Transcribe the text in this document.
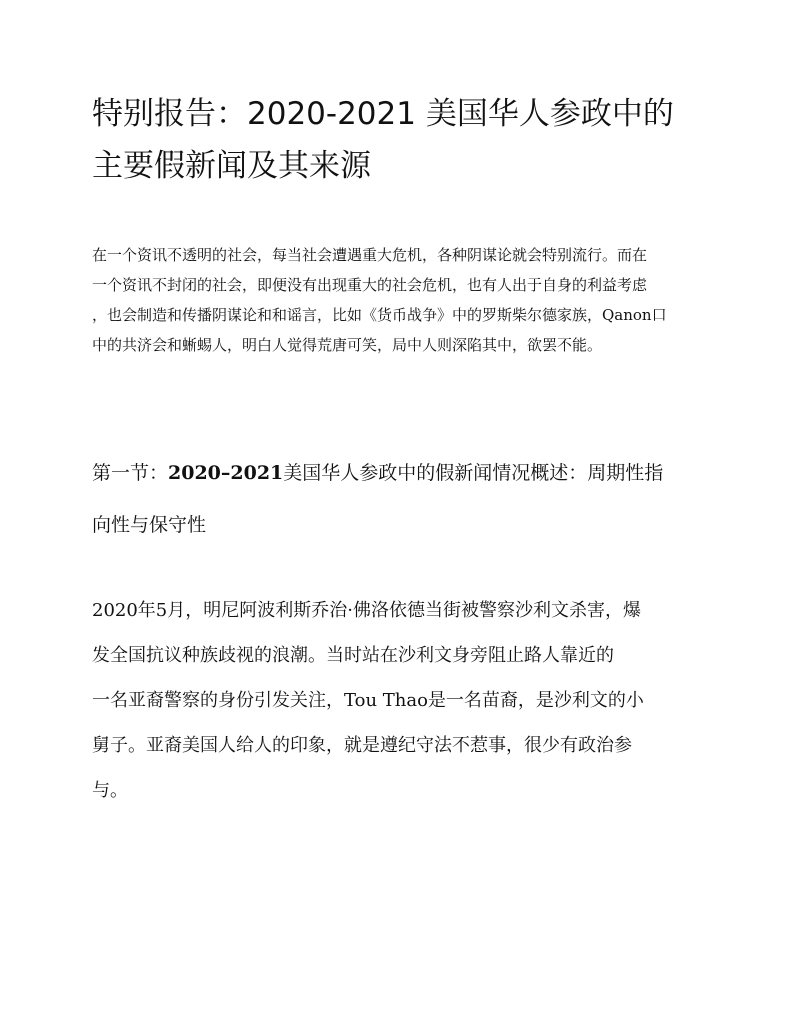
特别报告：2020-2021 美国华人参政中的
主要假新闻及其来源

在一个资讯不透明的社会，每当社会遭遇重大危机，各种阴谋论就会特别流行。而在
一个资讯不封闭的社会，即便没有出现重大的社会危机，也有人出于自身的利益考虑
，也会制造和传播阴谋论和和谣言，比如《货币战争》中的罗斯柴尔德家族，Qanon口
中的共济会和蜥蜴人，明白人觉得荒唐可笑，局中人则深陷其中，欲罢不能。

第一节：2020–2021美国华人参政中的假新闻情况概述：周期性指
向性与保守性

2020年5月，明尼阿波利斯乔治·佛洛依德当街被警察沙利文杀害，爆
发全国抗议种族歧视的浪潮。当时站在沙利文身旁阻止路人靠近的
一名亚裔警察的身份引发关注，Tou Thao是一名苗裔，是沙利文的小
舅子。亚裔美国人给人的印象，就是遵纪守法不惹事，很少有政治参
与。
